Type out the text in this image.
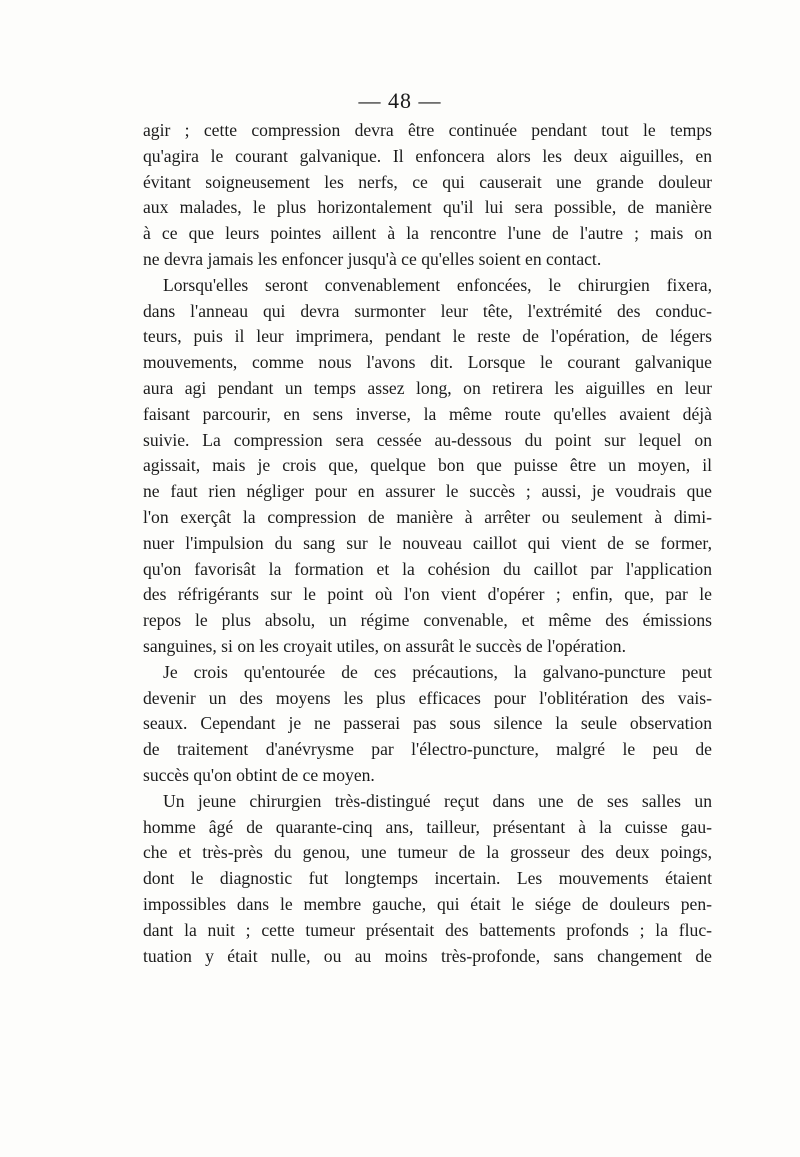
— 48 —
agir ; cette compression devra être continuée pendant tout le temps
qu'agira le courant galvanique. Il enfoncera alors les deux aiguilles, en
évitant soigneusement les nerfs, ce qui causerait une grande douleur
aux malades, le plus horizontalement qu'il lui sera possible, de manière
à ce que leurs pointes aillent à la rencontre l'une de l'autre ; mais on
ne devra jamais les enfoncer jusqu'à ce qu'elles soient en contact.
Lorsqu'elles seront convenablement enfoncées, le chirurgien fixera,
dans l'anneau qui devra surmonter leur tête, l'extrémité des conduc-
teurs, puis il leur imprimera, pendant le reste de l'opération, de légers
mouvements, comme nous l'avons dit. Lorsque le courant galvanique
aura agi pendant un temps assez long, on retirera les aiguilles en leur
faisant parcourir, en sens inverse, la même route qu'elles avaient déjà
suivie. La compression sera cessée au-dessous du point sur lequel on
agissait, mais je crois que, quelque bon que puisse être un moyen, il
ne faut rien négliger pour en assurer le succès ; aussi, je voudrais que
l'on exerçât la compression de manière à arrêter ou seulement à dimi-
nuer l'impulsion du sang sur le nouveau caillot qui vient de se former,
qu'on favorisât la formation et la cohésion du caillot par l'application
des réfrigérants sur le point où l'on vient d'opérer ; enfin, que, par le
repos le plus absolu, un régime convenable, et même des émissions
sanguines, si on les croyait utiles, on assurât le succès de l'opération.
Je crois qu'entourée de ces précautions, la galvano-puncture peut
devenir un des moyens les plus efficaces pour l'oblitération des vais-
seaux. Cependant je ne passerai pas sous silence la seule observation
de traitement d'anévrysme par l'électro-puncture, malgré le peu de
succès qu'on obtint de ce moyen.
Un jeune chirurgien très-distingué reçut dans une de ses salles un
homme âgé de quarante-cinq ans, tailleur, présentant à la cuisse gau-
che et très-près du genou, une tumeur de la grosseur des deux poings,
dont le diagnostic fut longtemps incertain. Les mouvements étaient
impossibles dans le membre gauche, qui était le siége de douleurs pen-
dant la nuit ; cette tumeur présentait des battements profonds ; la fluc-
tuation y était nulle, ou au moins très-profonde, sans changement de
